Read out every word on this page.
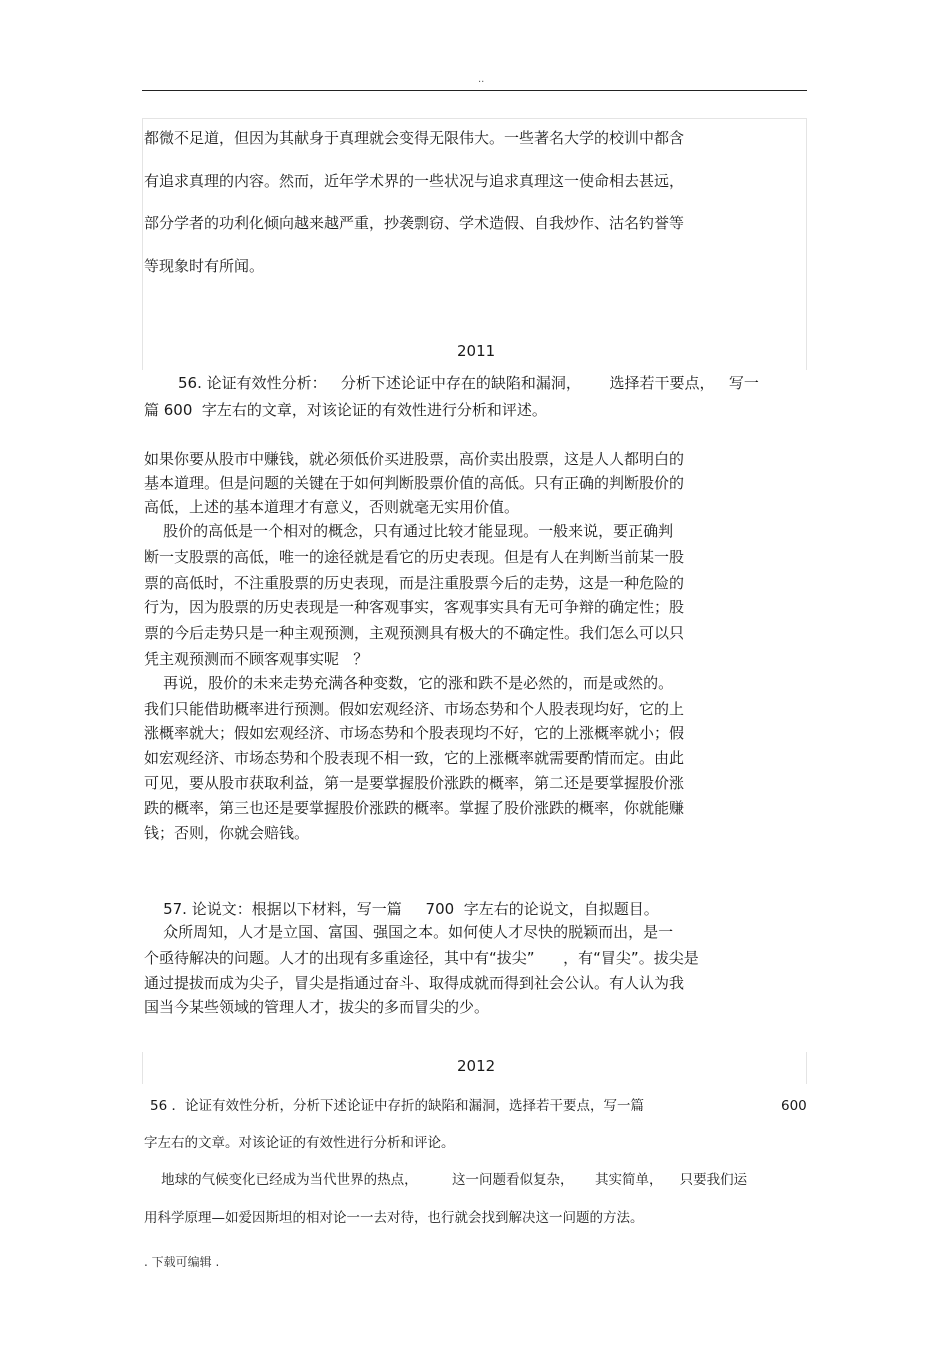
..
都微不足道，但因为其献身于真理就会变得无限伟大。一些著名大学的校训中都含
有追求真理的内容。然而，近年学术界的一些状况与追求真理这一使命相去甚远，
部分学者的功利化倾向越来越严重，抄袭剽窃、学术造假、自我炒作、沽名钓誉等
等现象时有所闻。
2011
56. 论证有效性分析：   分析下述论证中存在的缺陷和漏洞，      选择若干要点，   写一
篇 600  字左右的文章，对该论证的有效性进行分析和评述。
如果你要从股市中赚钱，就必须低价买进股票，高价卖出股票，这是人人都明白的
基本道理。但是问题的关键在于如何判断股票价值的高低。只有正确的判断股价的
高低，上述的基本道理才有意义，否则就毫无实用价值。
股价的高低是一个相对的概念，只有通过比较才能显现。一般来说，要正确判
断一支股票的高低，唯一的途径就是看它的历史表现。但是有人在判断当前某一股
票的高低时，不注重股票的历史表现，而是注重股票今后的走势，这是一种危险的
行为，因为股票的历史表现是一种客观事实，客观事实具有无可争辩的确定性；股
票的今后走势只是一种主观预测，主观预测具有极大的不确定性。我们怎么可以只
凭主观预测而不顾客观事实呢   ？
再说，股价的未来走势充满各种变数，它的涨和跌不是必然的，而是或然的。
我们只能借助概率进行预测。假如宏观经济、市场态势和个人股表现均好，它的上
涨概率就大；假如宏观经济、市场态势和个股表现均不好，它的上涨概率就小；假
如宏观经济、市场态势和个股表现不相一致，它的上涨概率就需要酌情而定。由此
可见，要从股市获取利益，第一是要掌握股价涨跌的概率，第二还是要掌握股价涨
跌的概率，第三也还是要掌握股价涨跌的概率。掌握了股价涨跌的概率，你就能赚
钱；否则，你就会赔钱。
57. 论说文：根据以下材料，写一篇     700  字左右的论说文，自拟题目。
众所周知，人才是立国、富国、强国之本。如何使人才尽快的脱颖而出，是一
个亟待解决的问题。人才的出现有多重途径，其中有“拔尖”      ，有“冒尖”。拔尖是
通过提拔而成为尖子，冒尖是指通过奋斗、取得成就而得到社会公认。有人认为我
国当今某些领域的管理人才，拔尖的多而冒尖的少。
2012
56 ．论证有效性分析，分析下述论证中存折的缺陷和漏洞，选择若干要点，写一篇	600
字左右的文章。对该论证的有效性进行分析和评论。
地球的气候变化已经成为当代世界的热点，        这一问题看似复杂，     其实简单，    只要我们运
用科学原理—如爱因斯坦的相对论一一去对待，也行就会找到解决这一问题的方法。
. 下载可编辑 .
